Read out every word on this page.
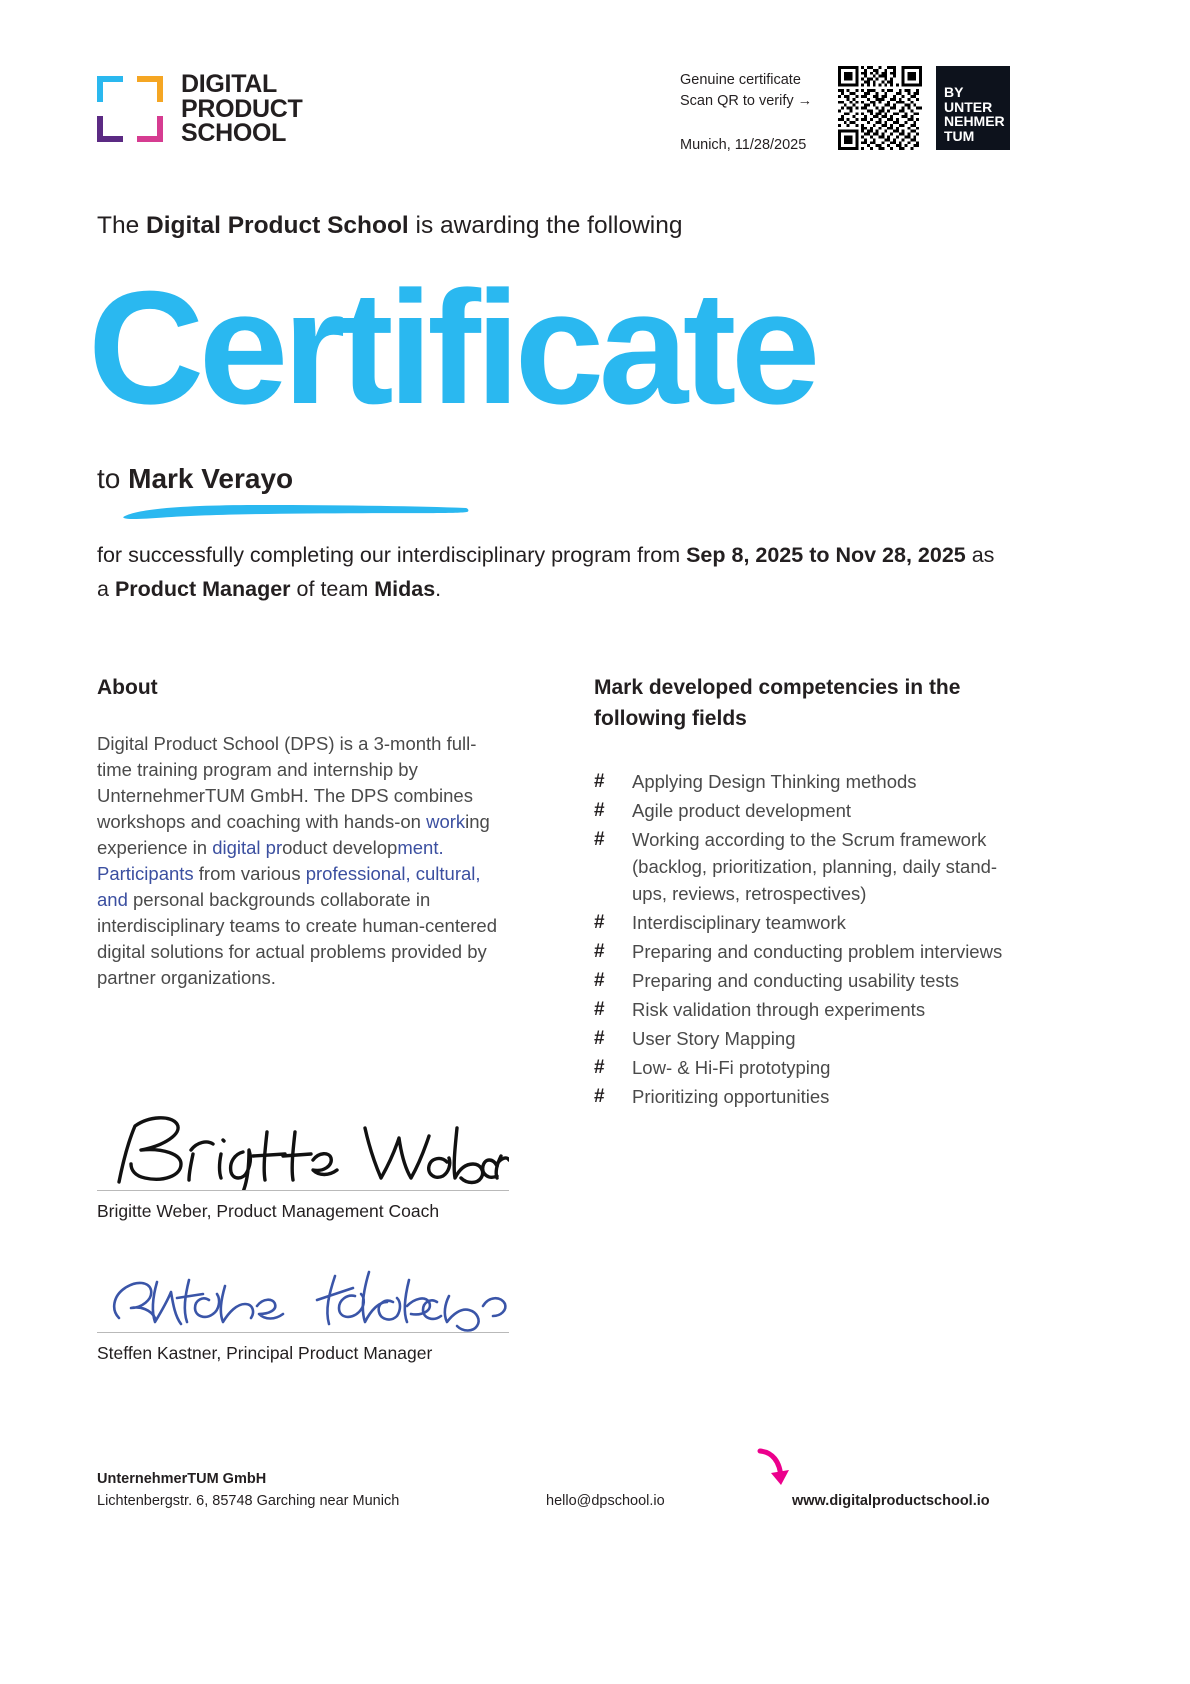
DIGITAL
PRODUCT
SCHOOL
Genuine certificate
Scan QR to verify →
Munich, 11/28/2025
BY
UNTER
NEHMER
TUM
The Digital Product School is awarding the following
Certificate
to Mark Verayo
for successfully completing our interdisciplinary program from Sep 8, 2025 to Nov 28, 2025 as a Product Manager of team Midas.
About

Digital Product School (DPS) is a 3-month full-time training program and internship by UnternehmerTUM GmbH. The DPS combines workshops and coaching with hands-on working experience in digital product development.

Participants from various professional, cultural, and personal backgrounds collaborate in interdisciplinary teams to create human-centered digital solutions for actual problems provided by partner organizations.

Mark developed competencies in the following fields
# Applying Design Thinking methods
# Agile product development
# Working according to the Scrum framework (backlog, prioritization, planning, daily stand-ups, reviews, retrospectives)
# Interdisciplinary teamwork
# Preparing and conducting problem interviews
# Preparing and conducting usability tests
# Risk validation through experiments
# User Story Mapping
# Low- & Hi-Fi prototyping
# Prioritizing opportunities
Brigitte Weber, Product Management Coach
Steffen Kastner, Principal Product Manager
UnternehmerTUM GmbH
Lichtenbergstr. 6, 85748 Garching near Munich	hello@dpschool.io	www.digitalproductschool.io
